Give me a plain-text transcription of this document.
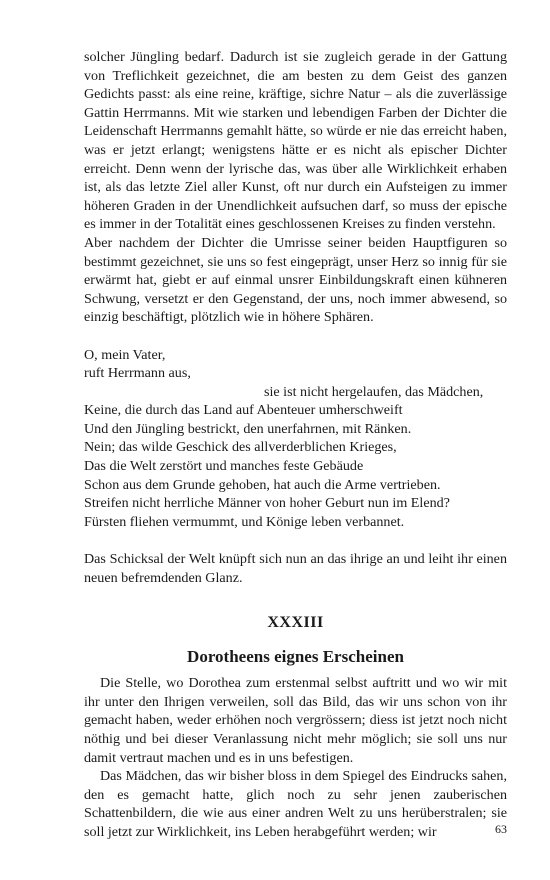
solcher Jüngling bedarf. Dadurch ist sie zugleich gerade in der Gattung von Treflichkeit gezeichnet, die am besten zu dem Geist des ganzen Gedichts passt: als eine reine, kräftige, sichre Natur – als die zuverlässige Gattin Herrmanns. Mit wie starken und lebendigen Farben der Dichter die Leidenschaft Herrmanns gemahlt hätte, so würde er nie das erreicht haben, was er jetzt erlangt; wenigstens hätte er es nicht als epischer Dichter erreicht. Denn wenn der lyrische das, was über alle Wirklichkeit erhaben ist, als das letzte Ziel aller Kunst, oft nur durch ein Aufsteigen zu immer höheren Graden in der Unendlichkeit aufsuchen darf, so muss der epische es immer in der Totalität eines geschlossenen Kreises zu finden verstehn.

Aber nachdem der Dichter die Umrisse seiner beiden Hauptfiguren so bestimmt gezeichnet, sie uns so fest eingeprägt, unser Herz so innig für sie erwärmt hat, giebt er auf einmal unsrer Einbildungskraft einen kühneren Schwung, versetzt er den Gegenstand, der uns, noch immer abwesend, so einzig beschäftigt, plötzlich wie in höhere Sphären.

O, mein Vater,
ruft Herrmann aus,
sie ist nicht hergelaufen, das Mädchen,
Keine, die durch das Land auf Abenteuer umherschweift
Und den Jüngling bestrickt, den unerfahrnen, mit Ränken.
Nein; das wilde Geschick des allverderblichen Krieges,
Das die Welt zerstört und manches feste Gebäude
Schon aus dem Grunde gehoben, hat auch die Arme vertrieben.
Streifen nicht herrliche Männer von hoher Geburt nun im Elend?
Fürsten fliehen vermummt, und Könige leben verbannet.

Das Schicksal der Welt knüpft sich nun an das ihrige an und leiht ihr einen neuen befremdenden Glanz.

XXXIII
Dorotheens eignes Erscheinen

Die Stelle, wo Dorothea zum erstenmal selbst auftritt und wo wir mit ihr unter den Ihrigen verweilen, soll das Bild, das wir uns schon von ihr gemacht haben, weder erhöhen noch vergrössern; diess ist jetzt noch nicht nöthig und bei dieser Veranlassung nicht mehr möglich; sie soll uns nur damit vertraut machen und es in uns befestigen.

Das Mädchen, das wir bisher bloss in dem Spiegel des Eindrucks sahen, den es gemacht hatte, glich noch zu sehr jenen zauberischen Schattenbildern, die wie aus einer andren Welt zu uns herüberstralen; sie soll jetzt zur Wirklichkeit, ins Leben herabgeführt werden; wir	63
